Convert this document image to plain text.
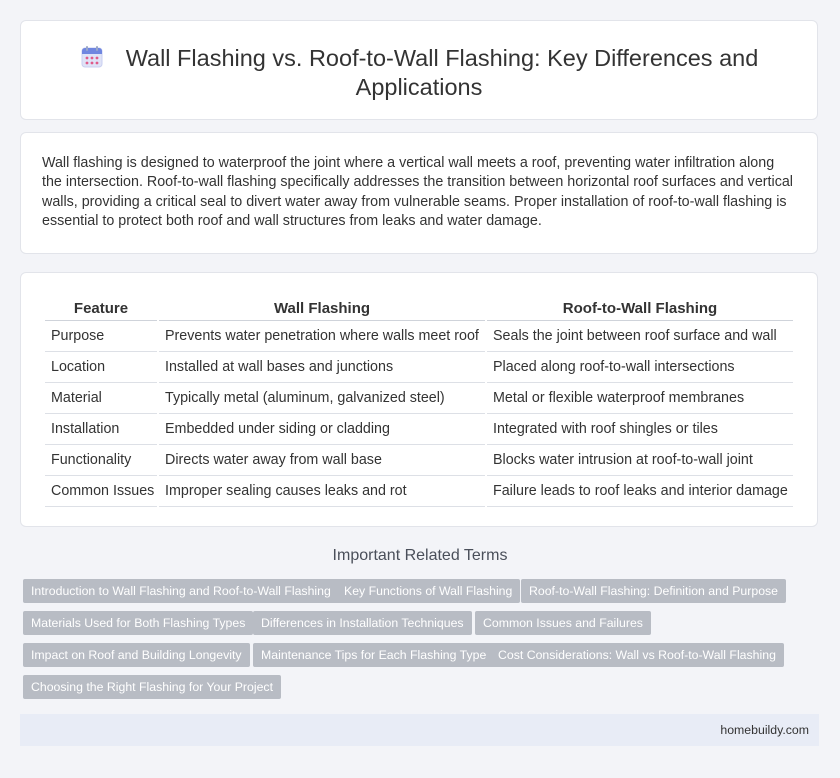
Wall Flashing vs. Roof-to-Wall Flashing: Key Differences and Applications

Wall flashing is designed to waterproof the joint where a vertical wall meets a roof, preventing water infiltration along the intersection. Roof-to-wall flashing specifically addresses the transition between horizontal roof surfaces and vertical walls, providing a critical seal to divert water away from vulnerable seams. Proper installation of roof-to-wall flashing is essential to protect both roof and wall structures from leaks and water damage.

Feature	Wall Flashing	Roof-to-Wall Flashing
Purpose	Prevents water penetration where walls meet roof	Seals the joint between roof surface and wall
Location	Installed at wall bases and junctions	Placed along roof-to-wall intersections
Material	Typically metal (aluminum, galvanized steel)	Metal or flexible waterproof membranes
Installation	Embedded under siding or cladding	Integrated with roof shingles or tiles
Functionality	Directs water away from wall base	Blocks water intrusion at roof-to-wall joint
Common Issues	Improper sealing causes leaks and rot	Failure leads to roof leaks and interior damage
Important Related Terms
Introduction to Wall Flashing and Roof-to-Wall Flashing	Key Functions of Wall Flashing	Roof-to-Wall Flashing: Definition and Purpose
Materials Used for Both Flashing Types	Differences in Installation Techniques	Common Issues and Failures
Impact on Roof and Building Longevity	Maintenance Tips for Each Flashing Type Cost Considerations: Wall vs Roof-to-Wall Flashing
Choosing the Right Flashing for Your Project
homebuildy.com
